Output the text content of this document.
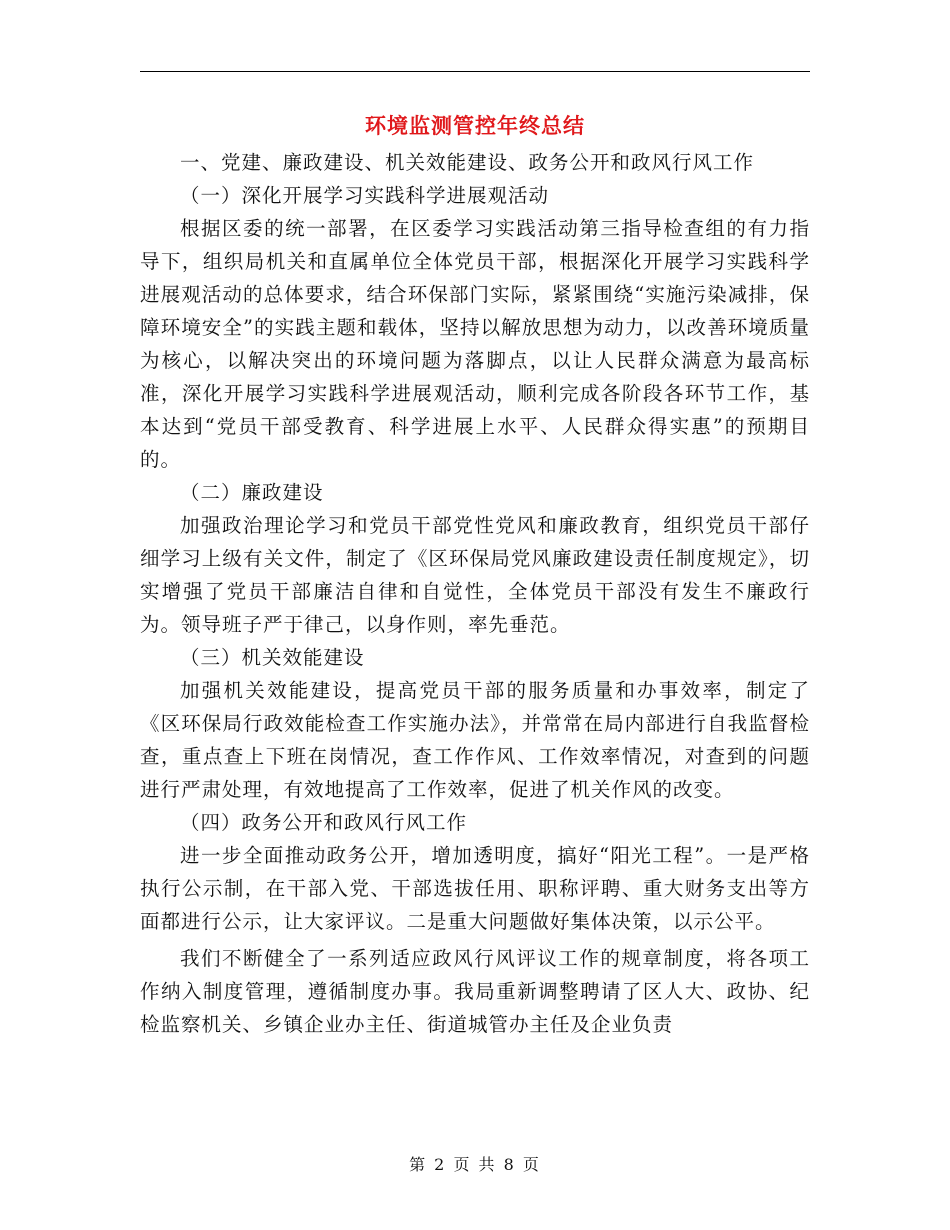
环境监测管控年终总结

一、党建、廉政建设、机关效能建设、政务公开和政风行风工作

（一）深化开展学习实践科学进展观活动

根据区委的统一部署，在区委学习实践活动第三指导检查组的有力指导下，组织局机关和直属单位全体党员干部，根据深化开展学习实践科学进展观活动的总体要求，结合环保部门实际，紧紧围绕“实施污染减排，保障环境安全”的实践主题和载体，坚持以解放思想为动力，以改善环境质量为核心，以解决突出的环境问题为落脚点，以让人民群众满意为最高标准，深化开展学习实践科学进展观活动，顺利完成各阶段各环节工作，基本达到“党员干部受教育、科学进展上水平、人民群众得实惠”的预期目的。

（二）廉政建设

加强政治理论学习和党员干部党性党风和廉政教育，组织党员干部仔细学习上级有关文件，制定了《区环保局党风廉政建设责任制度规定》，切实增强了党员干部廉洁自律和自觉性，全体党员干部没有发生不廉政行为。领导班子严于律己，以身作则，率先垂范。

（三）机关效能建设

加强机关效能建设，提高党员干部的服务质量和办事效率，制定了《区环保局行政效能检查工作实施办法》，并常常在局内部进行自我监督检查，重点查上下班在岗情况，查工作作风、工作效率情况，对查到的问题进行严肃处理，有效地提高了工作效率，促进了机关作风的改变。

（四）政务公开和政风行风工作

进一步全面推动政务公开，增加透明度，搞好“阳光工程”。一是严格执行公示制，在干部入党、干部选拔任用、职称评聘、重大财务支出等方面都进行公示，让大家评议。二是重大问题做好集体决策，以示公平。

我们不断健全了一系列适应政风行风评议工作的规章制度，将各项工作纳入制度管理，遵循制度办事。我局重新调整聘请了区人大、政协、纪检监察机关、乡镇企业办主任、街道城管办主任及企业负责

第 2 页 共 8 页
